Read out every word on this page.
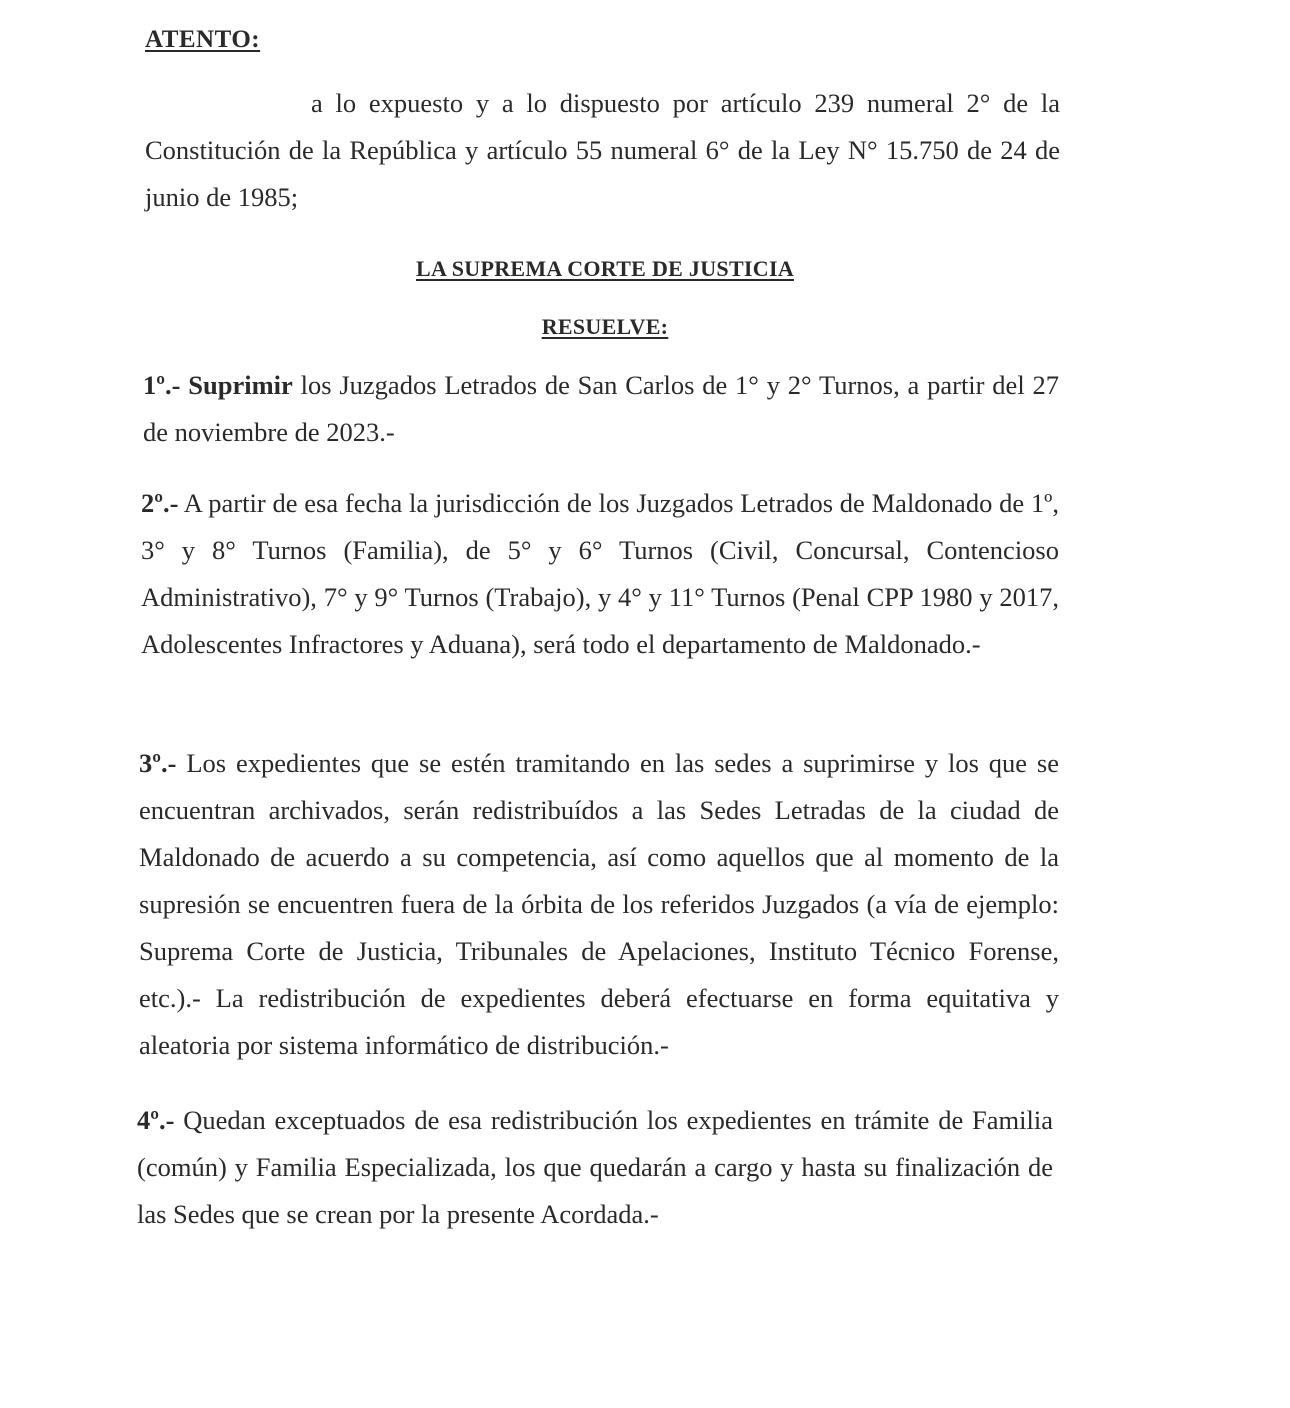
ATENTO:

a lo expuesto y a lo dispuesto por artículo 239 numeral 2° de la Constitución de la República y artículo 55 numeral 6° de la Ley N° 15.750 de 24 de junio de 1985;

LA SUPREMA CORTE DE JUSTICIA
RESUELVE:

1º.- Suprimir los Juzgados Letrados de San Carlos de 1° y 2° Turnos, a partir del 27 de noviembre de 2023.-

2º.- A partir de esa fecha la jurisdicción de los Juzgados Letrados de Maldonado de 1º, 3° y 8° Turnos (Familia), de 5° y 6° Turnos (Civil, Concursal, Contencioso Administrativo), 7° y 9° Turnos (Trabajo), y 4° y 11° Turnos (Penal CPP 1980 y 2017, Adolescentes Infractores y Aduana), será todo el departamento de Maldonado.-

3º.- Los expedientes que se estén tramitando en las sedes a suprimirse y los que se encuentran archivados, serán redistribuídos a las Sedes Letradas de la ciudad de Maldonado de acuerdo a su competencia, así como aquellos que al momento de la supresión se encuentren fuera de la órbita de los referidos Juzgados (a vía de ejemplo: Suprema Corte de Justicia, Tribunales de Apelaciones, Instituto Técnico Forense, etc.).- La redistribución de expedientes deberá efectuarse en forma equitativa y aleatoria por sistema informático de distribución.-

4º.- Quedan exceptuados de esa redistribución los expedientes en trámite de Familia (común) y Familia Especializada, los que quedarán a cargo y hasta su finalización de las Sedes que se crean por la presente Acordada.-
